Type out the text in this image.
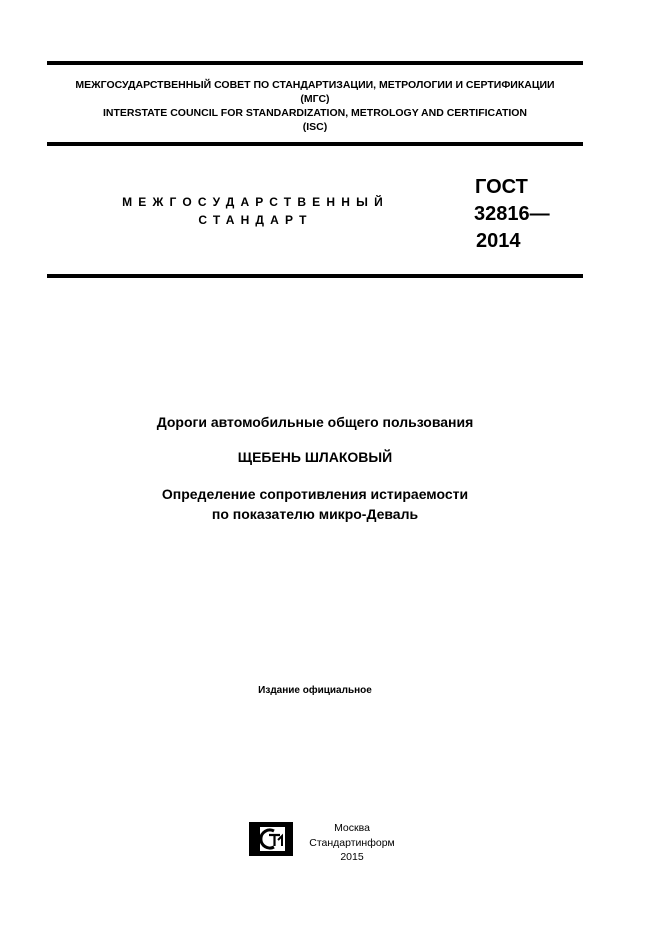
МЕЖГОСУДАРСТВЕННЫЙ СОВЕТ ПО СТАНДАРТИЗАЦИИ, МЕТРОЛОГИИ И СЕРТИФИКАЦИИ
(МГС)
INTERSTATE COUNCIL FOR STANDARDIZATION, METROLOGY AND CERTIFICATION
(ISC)
МЕЖГОСУДАРСТВЕННЫЙ
СТАНДАРТ
ГОСТ
32816—
2014
Дороги автомобильные общего пользования
ЩЕБЕНЬ ШЛАКОВЫЙ
Определение сопротивления истираемости
по показателю микро-Деваль
Издание официальное
Москва
Стандартинформ
2015
